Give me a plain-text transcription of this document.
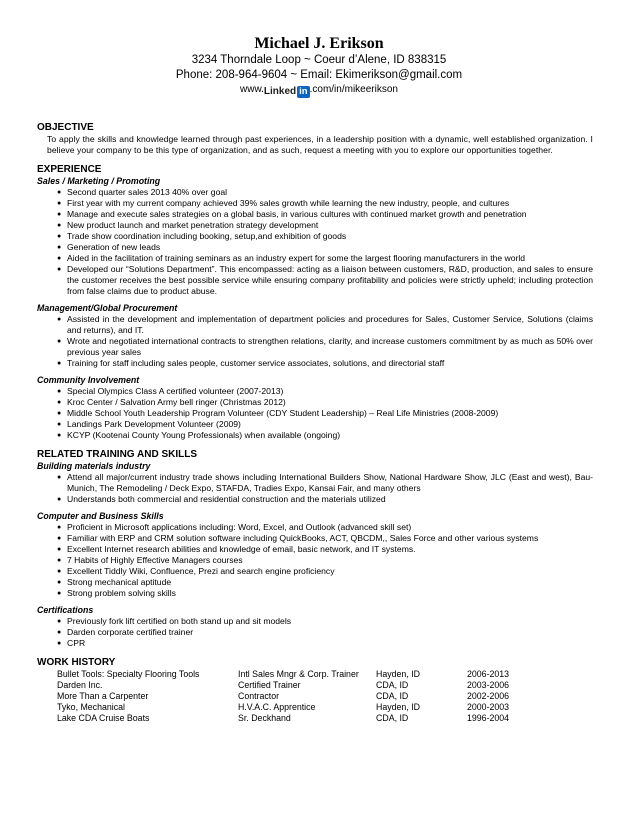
Michael J. Erikson
3234 Thorndale Loop ~ Coeur d’Alene, ID 838315
Phone: 208-964-9604 ~ Email: Ekimerikson@gmail.com
www.Linked in .com/in/mikeerikson
OBJECTIVE

To apply the skills and knowledge learned through past experiences, in a leadership position with a dynamic, well established organization. I believe your company to be this type of organization, and as such, request a meeting with you to explore our opportunities together.

EXPERIENCE
Sales / Marketing / Promoting
● Second quarter sales 2013 40% over goal
● First year with my current company achieved 39% sales growth while learning the new industry, people, and cultures
● Manage and execute sales strategies on a global basis, in various cultures with continued market growth and penetration
● New product launch and market penetration strategy development
● Trade show coordination including booking, setup,and exhibition of goods
● Generation of new leads
● Aided in the facilitation of training seminars as an industry expert for some the largest flooring manufacturers in the world
● Developed our “Solutions Department”. This encompassed: acting as a liaison between customers, R&D, production, and sales to ensure the customer receives the best possible service while ensuring company profitability and policies were strictly upheld; including protection from false claims due to product abuse.
Management/Global Procurement
● Assisted in the development and implementation of department policies and procedures for Sales, Customer Service, Solutions (claims and returns), and IT.
● Wrote and negotiated international contracts to strengthen relations, clarity, and increase customers commitment by as much as 50% over previous year sales
● Training for staff including sales people, customer service associates, solutions, and directorial staff
Community Involvement
● Special Olympics Class A certified volunteer (2007-2013)
● Kroc Center / Salvation Army bell ringer (Christmas 2012)
● Middle School Youth Leadership Program Volunteer (CDY Student Leadership) – Real Life Ministries (2008-2009)
● Landings Park Development Volunteer (2009)
● KCYP (Kootenai County Young Professionals) when available (ongoing)
RELATED TRAINING AND SKILLS
Building materials industry
● Attend all major/current industry trade shows including International Builders Show, National Hardware Show, JLC (East and west), Bau-Munich, The Remodeling / Deck Expo, STAFDA, Tradies Expo, Kansai Fair, and many others
● Understands both commercial and residential construction and the materials utilized
Computer and Business Skills
● Proficient in Microsoft applications including: Word, Excel, and Outlook (advanced skill set)
● Familiar with ERP and CRM solution software including QuickBooks, ACT, QBCDM,, Sales Force and other various systems
● Excellent Internet research abilities and knowledge of email, basic network, and IT systems.
● 7 Habits of Highly Effective Managers courses
● Excellent Tiddly Wiki, Confluence, Prezi and search engine proficiency
● Strong mechanical aptitude
● Strong problem solving skills
Certifications
● Previously fork lift certified on both stand up and sit models
● Darden corporate certified trainer
● CPR
WORK HISTORY
Bullet Tools: Specialty Flooring Tools	Intl Sales Mngr & Corp. Trainer	Hayden, ID	2006-2013
Darden Inc.	Certified Trainer	CDA, ID	2003-2006
More Than a Carpenter	Contractor	CDA, ID	2002-2006
Tyko, Mechanical	H.V.A.C. Apprentice	Hayden, ID	2000-2003
Lake CDA Cruise Boats	Sr. Deckhand	CDA, ID	1996-2004
